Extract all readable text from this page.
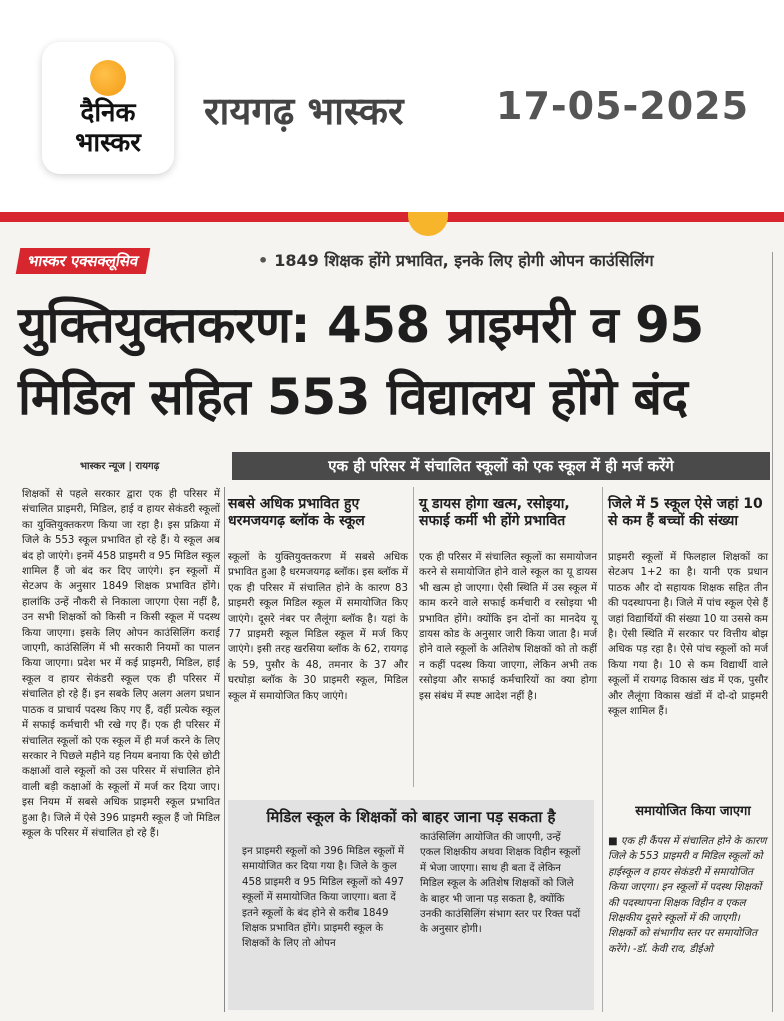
दैनिक
भास्कर
रायगढ़ भास्कर 17-05-2025
भास्कर एक्सक्लूसिव	• 1849 शिक्षक होंगे प्रभावित, इनके लिए होगी ओपन काउंसिलिंग
युक्तियुक्तकरण: 458 प्राइमरी व 95
मिडिल सहित 553 विद्यालय होंगे बंद
भास्कर न्यूज | रायगढ़	एक ही परिसर में संचालित स्कूलों को एक स्कूल में ही मर्ज करेंगे
शिक्षकों से पहले सरकार द्वारा एक ही परिसर में संचालित प्राइमरी, मिडिल, हाई व हायर सेकंडरी स्कूलों का युक्तियुक्तकरण किया जा रहा है। इस प्रक्रिया में जिले के 553 स्कूल प्रभावित हो रहे हैं। ये स्कूल अब बंद हो जाएंगे। इनमें 458 प्राइमरी व 95 मिडिल स्कूल शामिल हैं जो बंद कर दिए जाएंगे। इन स्कूलों में सेटअप के अनुसार 1849 शिक्षक प्रभावित होंगे। हालांकि उन्हें नौकरी से निकाला जाएगा ऐसा नहीं है, उन सभी शिक्षकों को किसी न किसी स्कूल में पदस्थ किया जाएगा। इसके लिए ओपन काउंसिलिंग कराई जाएगी, काउंसिलिंग में भी सरकारी नियमों का पालन किया जाएगा। प्रदेश भर में कई प्राइमरी, मिडिल, हाई स्कूल व हायर सेकंडरी स्कूल एक ही परिसर में संचालित हो रहे हैं। इन सबके लिए अलग अलग प्रधान पाठक व प्राचार्य पदस्थ किए गए हैं, वहीं प्रत्येक स्कूल में सफाई कर्मचारी भी रखे गए हैं। एक ही परिसर में संचालित स्कूलों को एक स्कूल में ही मर्ज करने के लिए सरकार ने पिछले महीने यह नियम बनाया कि ऐसे छोटी कक्षाओं वाले स्कूलों को उस परिसर में संचालित होने वाली बड़ी कक्षाओं के स्कूलों में मर्ज कर दिया जाए। इस नियम में सबसे अधिक प्राइमरी स्कूल प्रभावित हुआ है। जिले में ऐसे 396 प्राइमरी स्कूल हैं जो मिडिल स्कूल के परिसर में संचालित हो रहे हैं।
सबसे अधिक प्रभावित हुए धरमजयगढ़ ब्लॉक के स्कूल
स्कूलों के युक्तियुक्तकरण में सबसे अधिक प्रभावित हुआ है धरमजयगढ़ ब्लॉक। इस ब्लॉक में एक ही परिसर में संचालित होने के कारण 83 प्राइमरी स्कूल मिडिल स्कूल में समायोजित किए जाएंगे। दूसरे नंबर पर लैलूंगा ब्लॉक है। यहां के 77 प्राइमरी स्कूल मिडिल स्कूल में मर्ज किए जाएंगे। इसी तरह खरसिया ब्लॉक के 62, रायगढ़ के 59, पुसौर के 48, तमनार के 37 और घरघोड़ा ब्लॉक के 30 प्राइमरी स्कूल, मिडिल स्कूल में समायोजित किए जाएंगे।
यू डायस होगा खत्म, रसोइया, सफाई कर्मी भी होंगे प्रभावित
एक ही परिसर में संचालित स्कूलों का समायोजन करने से समायोजित होने वाले स्कूल का यू डायस भी खत्म हो जाएगा। ऐसी स्थिति में उस स्कूल में काम करने वाले सफाई कर्मचारी व रसोइया भी प्रभावित होंगे। क्योंकि इन दोनों का मानदेय यू डायस कोड के अनुसार जारी किया जाता है। मर्ज होने वाले स्कूलों के अतिशेष शिक्षकों को तो कहीं न कहीं पदस्थ किया जाएगा, लेकिन अभी तक रसोइया और सफाई कर्मचारियों का क्या होगा इस संबंध में स्पष्ट आदेश नहीं है।
जिले में 5 स्कूल ऐसे जहां 10 से कम हैं बच्चों की संख्या
प्राइमरी स्कूलों में फिलहाल शिक्षकों का सेटअप 1+2 का है। यानी एक प्रधान पाठक और दो सहायक शिक्षक सहित तीन की पदस्थापना है। जिले में पांच स्कूल ऐसे हैं जहां विद्यार्थियों की संख्या 10 या उससे कम है। ऐसी स्थिति में सरकार पर वित्तीय बोझ अधिक पड़ रहा है। ऐसे पांच स्कूलों को मर्ज किया गया है। 10 से कम विद्यार्थी वाले स्कूलों में रायगढ़ विकास खंड में एक, पुसौर और लैलूंगा विकास खंडों में दो-दो प्राइमरी स्कूल शामिल हैं।
मिडिल स्कूल के शिक्षकों को बाहर जाना पड़ सकता है
इन प्राइमरी स्कूलों को 396 मिडिल स्कूलों में समायोजित कर दिया गया है। जिले के कुल 458 प्राइमरी व 95 मिडिल स्कूलों को 497 स्कूलों में समायोजित किया जाएगा। बता दें इतने स्कूलों के बंद होने से करीब 1849 शिक्षक प्रभावित होंगे। प्राइमरी स्कूल के शिक्षकों के लिए तो ओपन
काउंसिलिंग आयोजित की जाएगी, उन्हें एकल शिक्षकीय अथवा शिक्षक विहीन स्कूलों में भेजा जाएगा। साथ ही बता दें लेकिन मिडिल स्कूल के अतिशेष शिक्षकों को जिले के बाहर भी जाना पड़ सकता है, क्योंकि उनकी काउंसिलिंग संभाग स्तर पर रिक्त पदों के अनुसार होगी।
समायोजित किया जाएगा
■ एक ही कैंपस में संचालित होने के कारण जिले के 553 प्राइमरी व मिडिल स्कूलों को हाईस्कूल व हायर सेकंडरी में समायोजित किया जाएगा। इन स्कूलों में पदस्थ शिक्षकों की पदस्थापना शिक्षक विहीन व एकल शिक्षकीय दूसरे स्कूलों में की जाएगी। शिक्षकों को संभागीय स्तर पर समायोजित करेंगे। -डॉ. केवी राव, डीईओ
